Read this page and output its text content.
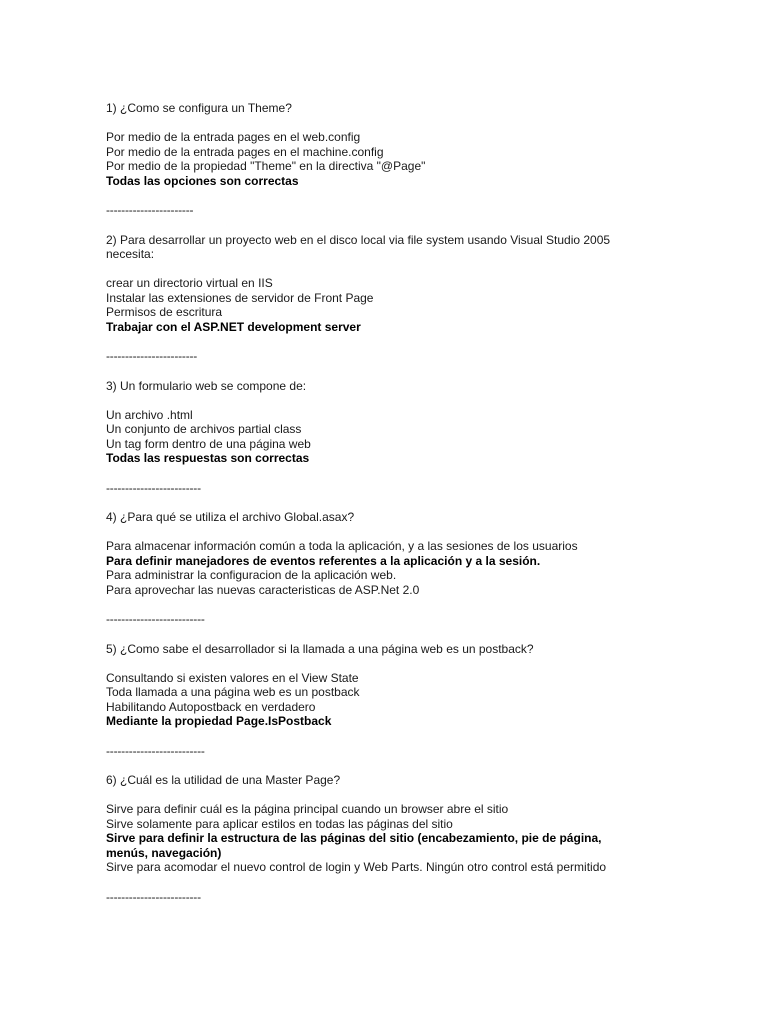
1) ¿Como se configura un Theme?
Por medio de la entrada pages en el web.config
Por medio de la entrada pages en el machine.config
Por medio de la propiedad "Theme" en la directiva "@Page"
Todas las opciones son correctas
-----------------------
2) Para desarrollar un proyecto web en el disco local via file system usando Visual Studio 2005 necesita:
crear un directorio virtual en IIS
Instalar las extensiones de servidor de Front Page
Permisos de escritura
Trabajar con el ASP.NET development server
------------------------
3) Un formulario web se compone de:
Un archivo .html
Un conjunto de archivos partial class
Un tag form dentro de una página web
Todas las respuestas son correctas
-------------------------
4) ¿Para qué se utiliza el archivo Global.asax?
Para almacenar información común a toda la aplicación, y a las sesiones de los usuarios
Para definir manejadores de eventos referentes a la aplicación y a la sesión.
Para administrar la configuracion de la aplicación web.
Para aprovechar las nuevas caracteristicas de ASP.Net 2.0
--------------------------
5) ¿Como sabe el desarrollador si la llamada a una página web es un postback?
Consultando si existen valores en el View State
Toda llamada a una página web es un postback
Habilitando Autopostback en verdadero
Mediante la propiedad Page.IsPostback
--------------------------
6) ¿Cuál es la utilidad de una Master Page?
Sirve para definir cuál es la página principal cuando un browser abre el sitio
Sirve solamente para aplicar estilos en todas las páginas del sitio
Sirve para definir la estructura de las páginas del sitio (encabezamiento, pie de página, menús, navegación)
Sirve para acomodar el nuevo control de login y Web Parts. Ningún otro control está permitido
-------------------------
